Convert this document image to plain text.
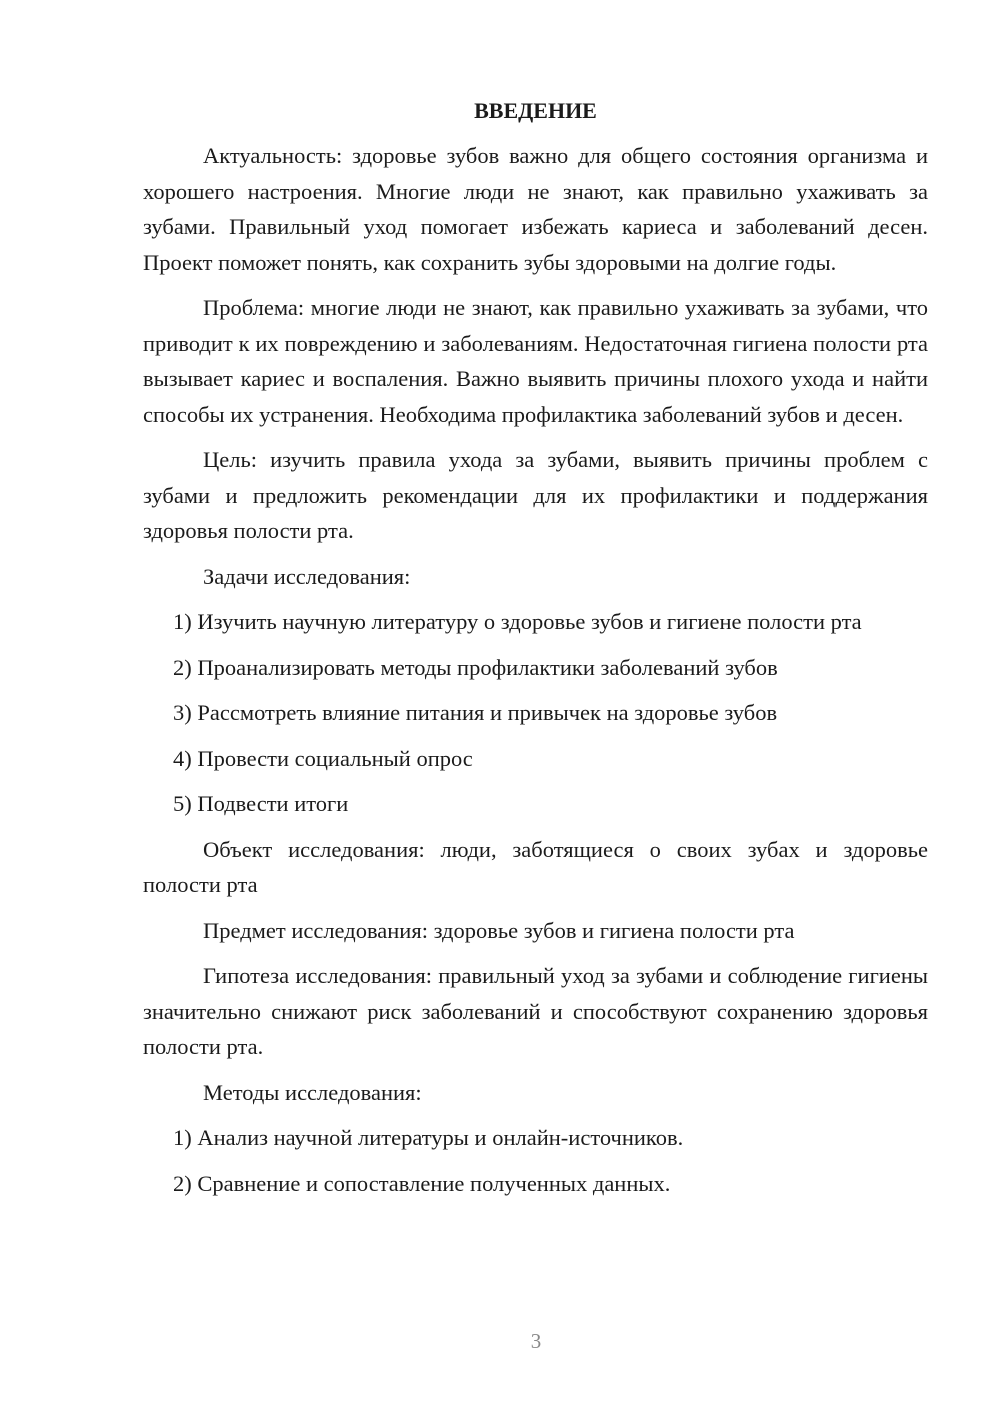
ВВЕДЕНИЕ

Актуальность: здоровье зубов важно для общего состояния организма и хорошего настроения. Многие люди не знают, как правильно ухаживать за зубами. Правильный уход помогает избежать кариеса и заболеваний десен. Проект поможет понять, как сохранить зубы здоровыми на долгие годы.

Проблема: многие люди не знают, как правильно ухаживать за зубами, что приводит к их повреждению и заболеваниям. Недостаточная гигиена полости рта вызывает кариес и воспаления. Важно выявить причины плохого ухода и найти способы их устранения. Необходима профилактика заболеваний зубов и десен.

Цель: изучить правила ухода за зубами, выявить причины проблем с зубами и предложить рекомендации для их профилактики и поддержания здоровья полости рта.

Задачи исследования:

1) Изучить научную литературу о здоровье зубов и гигиене полости рта

2) Проанализировать методы профилактики заболеваний зубов

3) Рассмотреть влияние питания и привычек на здоровье зубов

4) Провести социальный опрос

5) Подвести итоги

Объект исследования: люди, заботящиеся о своих зубах и здоровье полости рта

Предмет исследования: здоровье зубов и гигиена полости рта

Гипотеза исследования: правильный уход за зубами и соблюдение гигиены значительно снижают риск заболеваний и способствуют сохранению здоровья полости рта.

Методы исследования:

1) Анализ научной литературы и онлайн-источников.

2) Сравнение и сопоставление полученных данных.

3
